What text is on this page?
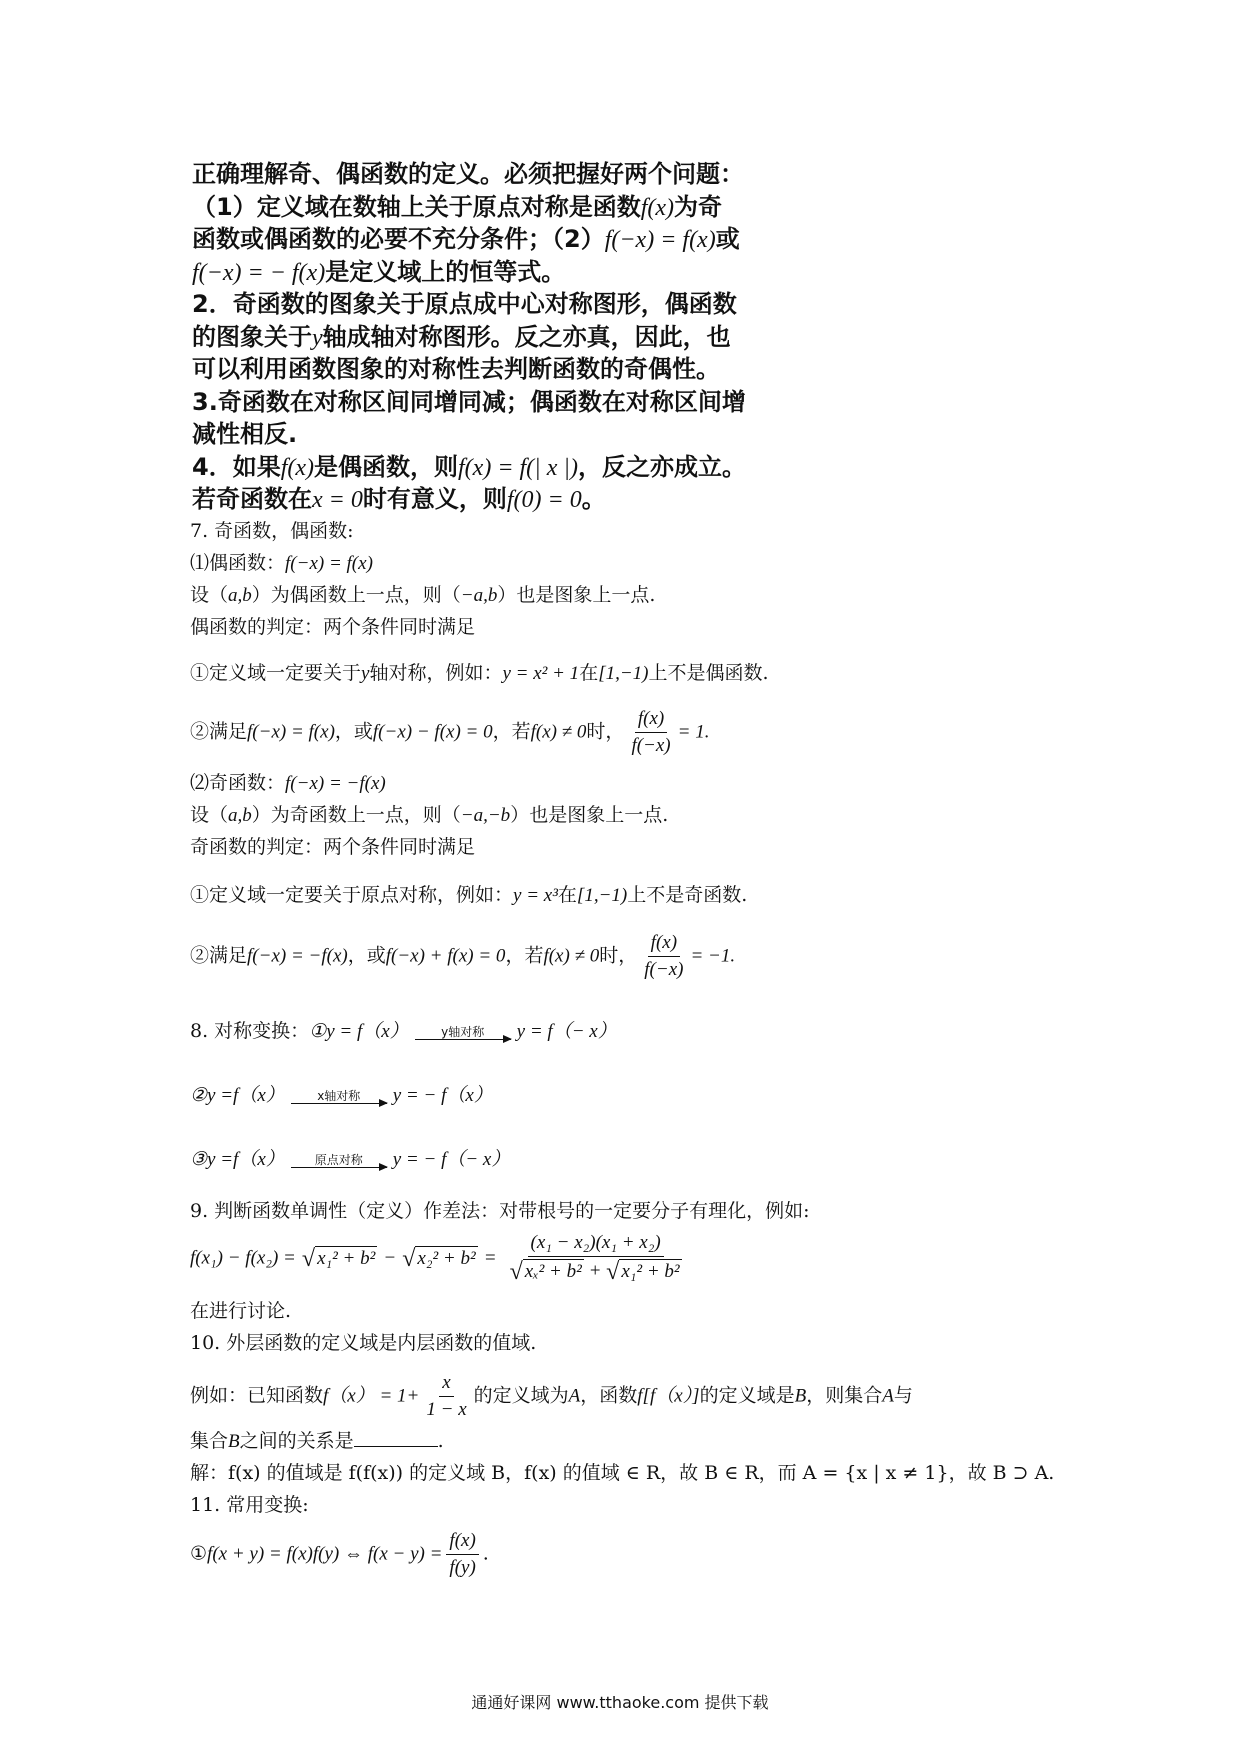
正确理解奇、偶函数的定义。必须把握好两个问题：
（1）定义域在数轴上关于原点对称是函数f(x)为奇
函数或偶函数的必要不充分条件；（2）f(−x) = f(x)或
f(−x) = − f(x)是定义域上的恒等式。
2．奇函数的图象关于原点成中心对称图形，偶函数
的图象关于y轴成轴对称图形。反之亦真，因此，也
可以利用函数图象的对称性去判断函数的奇偶性。
3.奇函数在对称区间同增同减；偶函数在对称区间增
减性相反.
4．如果f(x)是偶函数，则f(x) = f(| x |)，反之亦成立。
若奇函数在x = 0时有意义，则f(0) = 0。
7. 奇函数，偶函数:
⑴偶函数：f(−x) = f(x)
设（a,b）为偶函数上一点，则（−a,b）也是图象上一点.
偶函数的判定：两个条件同时满足
①定义域一定要关于y轴对称，例如：y = x² + 1在[1,−1)上不是偶函数.
②满足f(−x) = f(x)，或f(−x) − f(x) = 0，若f(x) ≠ 0时， $\frac{f(x)}{f(-x)} = 1$.
⑵奇函数：f(−x) = −f(x)
设（a,b）为奇函数上一点，则（−a,−b）也是图象上一点.
奇函数的判定：两个条件同时满足
①定义域一定要关于原点对称，例如：y = x³在[1,−1)上不是奇函数.
②满足f(−x) = −f(x)，或f(−x) + f(x) = 0，若f(x) ≠ 0时， $\frac{f(x)}{f(-x)} = -1$.
8. 对称变换：①y = f（x）	y轴对称 y = f（− x）
②y =f（x）	x轴对称 y = − f（x）
③y =f（x） 原点对称 y = − f（− x）
9. 判断函数单调性（定义）作差法：对带根号的一定要分子有理化，例如:
f(x₁) − f(x₂) = √ x₁² + b² − √ $x_2^2 + b^2 = \frac{\text{(x₁ − x₂)(x₁ + x₂)}}{\text{√ xₓ² + b² + √ x₁² + b²}}$
在进行讨论.
10. 外层函数的定义域是内层函数的值域.
例如：已知函数$f(x) = 1+ \frac{x}{1 - x}$ 的定义域为A，函数f[f（x）]的定义域是B，则集合A与
集合B之间的关系是	.
解：f(x) 的值域是 f(f(x)) 的定义域 B，f(x) 的值域 ∈ R，故 B ∈ R，而 A = {x | x ≠ 1}，故 B ⊃ A.
11. 常用变换:
①f(x + y) = f(x)f(y) ⇔ $f(x - y) = \frac{f(x)}{f(y)}$ .
通通好课网 www.tthaoke.com 提供下载
